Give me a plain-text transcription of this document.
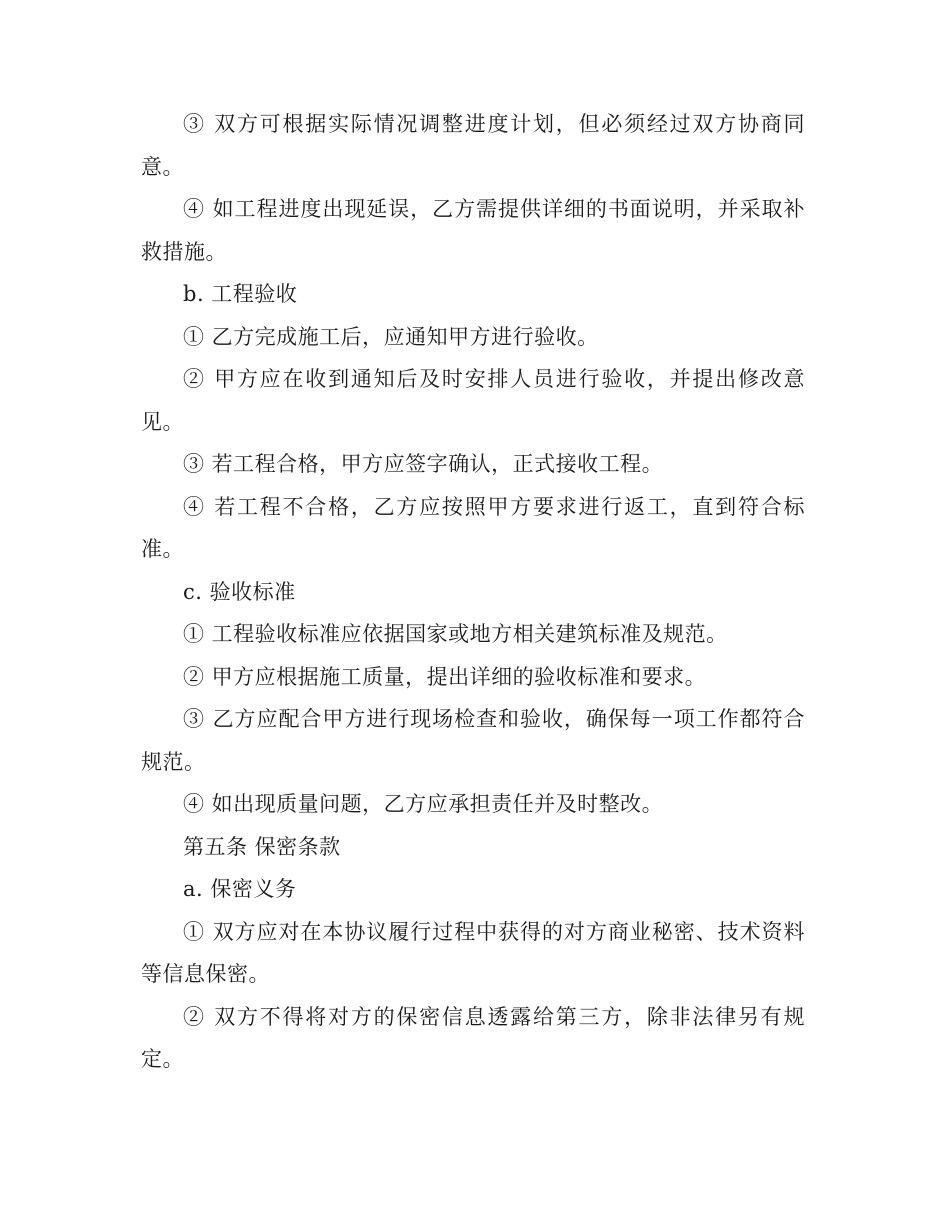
③ 双方可根据实际情况调整进度计划，但必须经过双方协商同意。

④ 如工程进度出现延误，乙方需提供详细的书面说明，并采取补救措施。

b. 工程验收

① 乙方完成施工后，应通知甲方进行验收。

② 甲方应在收到通知后及时安排人员进行验收，并提出修改意见。

③ 若工程合格，甲方应签字确认，正式接收工程。

④ 若工程不合格，乙方应按照甲方要求进行返工，直到符合标准。

c. 验收标准

① 工程验收标准应依据国家或地方相关建筑标准及规范。

② 甲方应根据施工质量，提出详细的验收标准和要求。

③ 乙方应配合甲方进行现场检查和验收，确保每一项工作都符合规范。

④ 如出现质量问题，乙方应承担责任并及时整改。

第五条 保密条款

a. 保密义务

① 双方应对在本协议履行过程中获得的对方商业秘密、技术资料等信息保密。

② 双方不得将对方的保密信息透露给第三方，除非法律另有规定。
